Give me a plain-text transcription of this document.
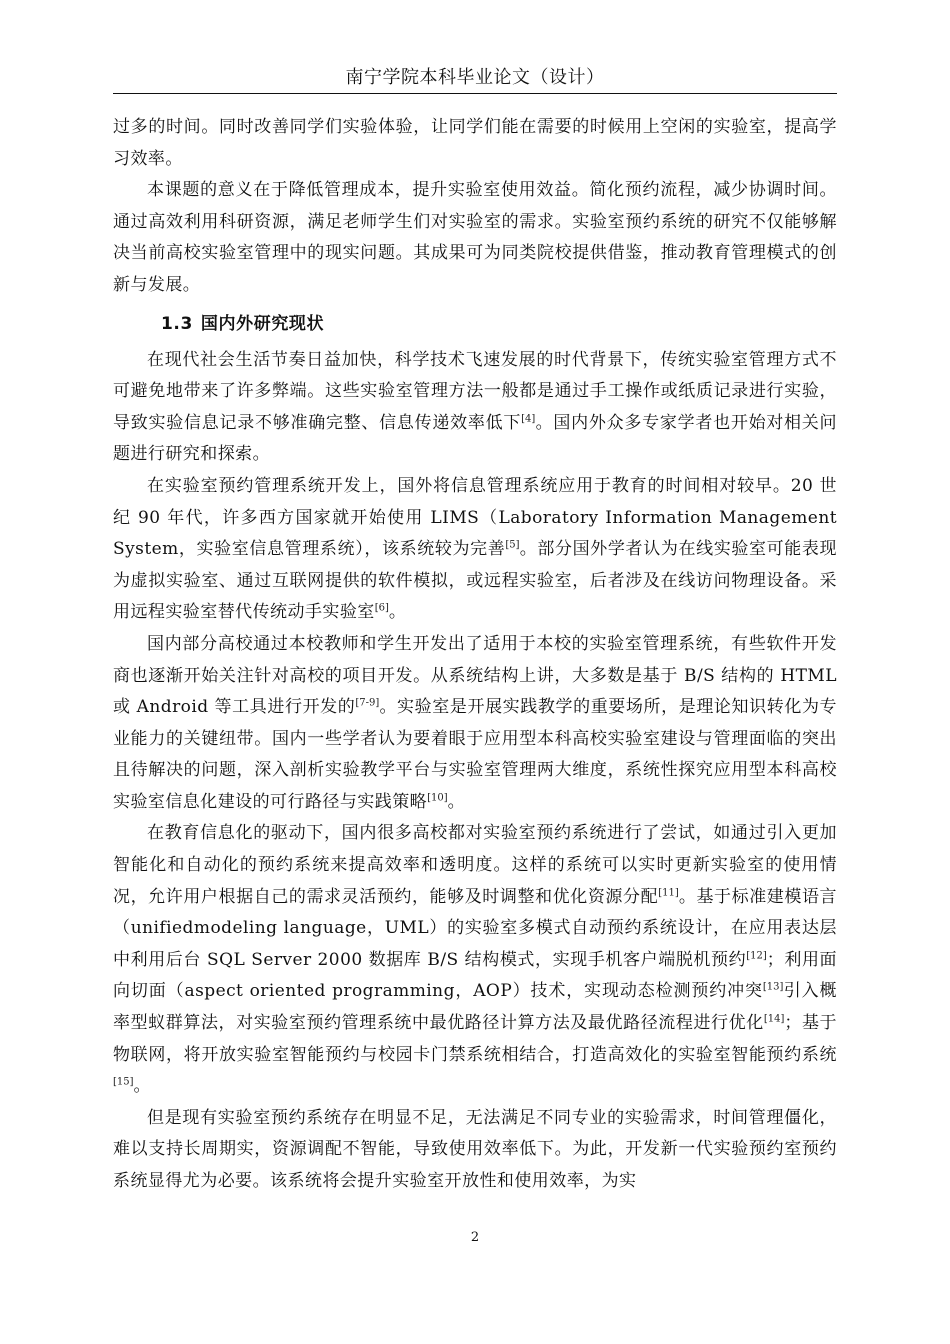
南宁学院本科毕业论文（设计）

过多的时间。同时改善同学们实验体验，让同学们能在需要的时候用上空闲的实验室，提高学习效率。

本课题的意义在于降低管理成本，提升实验室使用效益。简化预约流程，减少协调时间。通过高效利用科研资源，满足老师学生们对实验室的需求。实验室预约系统的研究不仅能够解决当前高校实验室管理中的现实问题。其成果可为同类院校提供借鉴，推动教育管理模式的创新与发展。

1.3 国内外研究现状

在现代社会生活节奏日益加快，科学技术飞速发展的时代背景下，传统实验室管理方式不可避免地带来了许多弊端。这些实验室管理方法一般都是通过手工操作或纸质记录进行实验，导致实验信息记录不够准确完整、信息传递效率低下[4]。国内外众多专家学者也开始对相关问题进行研究和探索。

在实验室预约管理系统开发上，国外将信息管理系统应用于教育的时间相对较早。20 世纪 90 年代，许多西方国家就开始使用 LIMS（Laboratory Information Management System，实验室信息管理系统），该系统较为完善[5]。部分国外学者认为在线实验室可能表现为虚拟实验室、通过互联网提供的软件模拟，或远程实验室，后者涉及在线访问物理设备。采用远程实验室替代传统动手实验室[6]。

国内部分高校通过本校教师和学生开发出了适用于本校的实验室管理系统，有些软件开发商也逐渐开始关注针对高校的项目开发。从系统结构上讲，大多数是基于 B/S 结构的 HTML 或 Android 等工具进行开发的[7-9]。实验室是开展实践教学的重要场所，是理论知识转化为专业能力的关键纽带。国内一些学者认为要着眼于应用型本科高校实验室建设与管理面临的突出且待解决的问题，深入剖析实验教学平台与实验室管理两大维度，系统性探究应用型本科高校实验室信息化建设的可行路径与实践策略[10]。

在教育信息化的驱动下，国内很多高校都对实验室预约系统进行了尝试，如通过引入更加智能化和自动化的预约系统来提高效率和透明度。这样的系统可以实时更新实验室的使用情况，允许用户根据自己的需求灵活预约，能够及时调整和优化资源分配[11]。基于标准建模语言（unifiedmodeling language，UML）的实验室多模式自动预约系统设计，在应用表达层中利用后台 SQL Server 2000 数据库 B/S 结构模式，实现手机客户端脱机预约[12]；利用面向切面（aspect oriented programming，AOP）技术，实现动态检测预约冲突[13]引入概率型蚁群算法，对实验室预约管理系统中最优路径计算方法及最优路径流程进行优化[14]；基于物联网，将开放实验室智能预约与校园卡门禁系统相结合，打造高效化的实验室智能预约系统[15]。

但是现有实验室预约系统存在明显不足，无法满足不同专业的实验需求，时间管理僵化，难以支持长周期实，资源调配不智能，导致使用效率低下。为此，开发新一代实验预约室预约系统显得尤为必要。该系统将会提升实验室开放性和使用效率，为实

2
